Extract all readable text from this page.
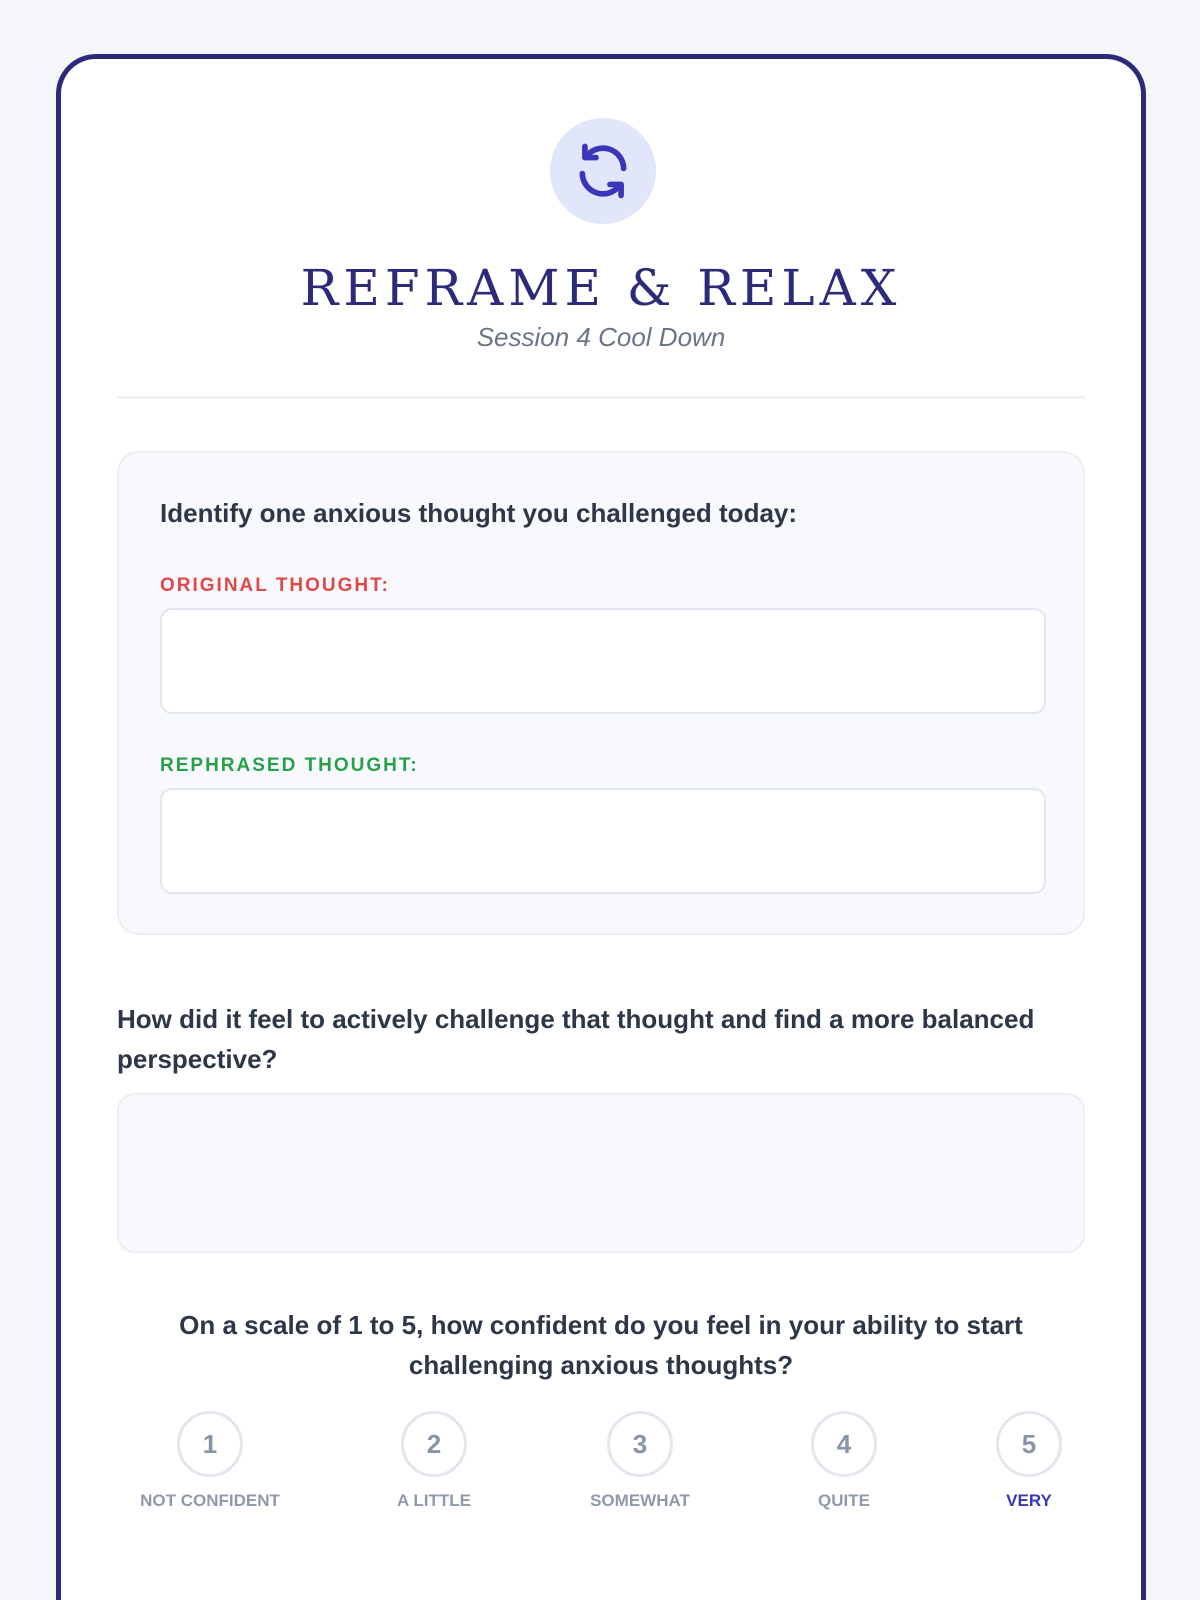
REFRAME & RELAX
Session 4 Cool Down
Identify one anxious thought you challenged today:
ORIGINAL THOUGHT:
REPHRASED THOUGHT:
How did it feel to actively challenge that thought and find a more balanced perspective?
On a scale of 1 to 5, how confident do you feel in your ability to start challenging anxious thoughts?
1
NOT CONFIDENT
2
A LITTLE
3
SOMEWHAT
4
QUITE
5
VERY
